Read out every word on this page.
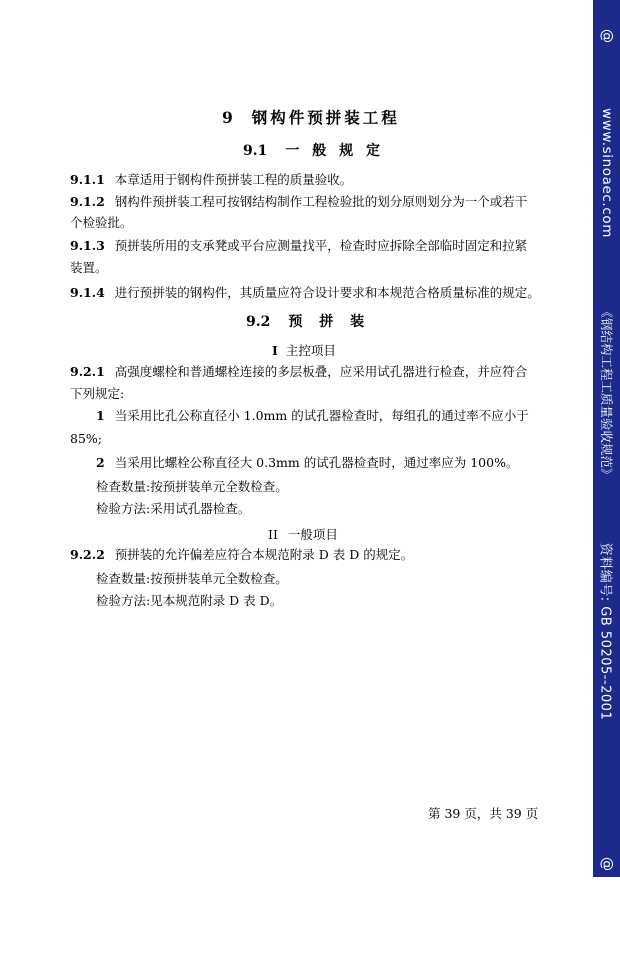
9 钢构件预拼装工程
9.1 一 般 规 定
9.1.1 本章适用于钢构件预拼装工程的质量验收。
9.1.2 钢构件预拼装工程可按钢结构制作工程检验批的划分原则划分为一个或若干
个检验批。
9.1.3 预拼装所用的支承凳或平台应测量找平，检查时应拆除全部临时固定和拉紧
装置。
9.1.4 进行预拼装的钢构件，其质量应符合设计要求和本规范合格质量标准的规定。
9.2 预 拼 装
I 主控项目
9.2.1 高强度螺栓和普通螺栓连接的多层板叠，应采用试孔器进行检查，并应符合
下列规定:
1 当采用比孔公称直径小 1.0mm 的试孔器检查时，每组孔的通过率不应小于
85%;
2 当采用比螺栓公称直径大 0.3mm 的试孔器检查时，通过率应为 100%。
检查数量:按预拼装单元全数检查。
检验方法:采用试孔器检查。
II 一般项目
9.2.2 预拼装的允许偏差应符合本规范附录 D 表 D 的规定。
检查数量:按预拼装单元全数检查。
检验方法:见本规范附录 D 表 D。
第 39 页，共 39 页
@
www.sinoaec.com
《钢结构工程工质量验收规范》
资料编号: GB 50205--2001
@
